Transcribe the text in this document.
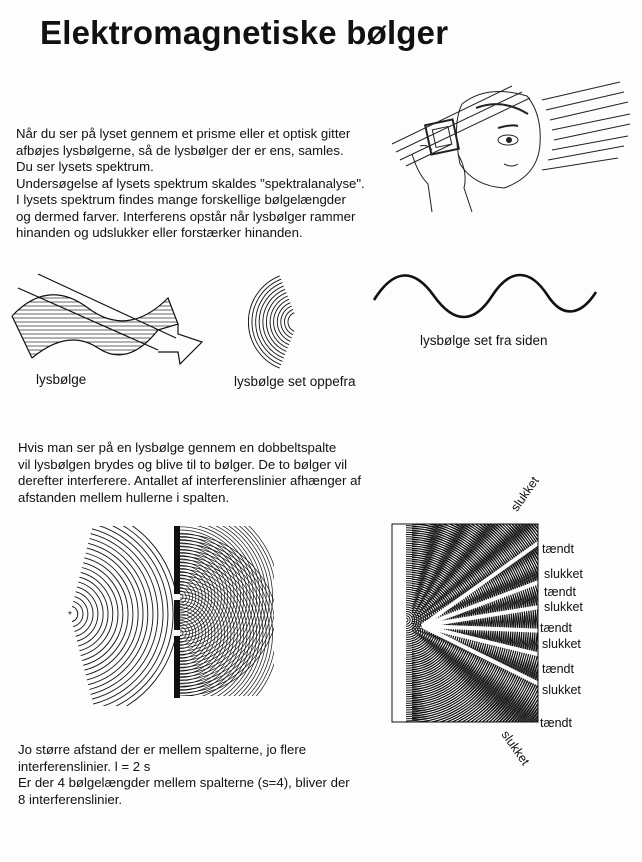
Elektromagnetiske bølger
Når du ser på lyset gennem et prisme eller et optisk gitter
afbøjes lysbølgerne, så de lysbølger der er ens, samles.
Du ser lysets spektrum.
Undersøgelse af lysets spektrum skaldes "spektralanalyse".
I lysets spektrum findes mange forskellige bølgelængder
og dermed farver. Interferens opstår når lysbølger rammer
hinanden og udslukker eller forstærker hinanden.
lysbølge	lysbølge set oppefra
lysbølge set fra siden
Hvis man ser på en lysbølge gennem en dobbeltspalte
vil lysbølgen brydes og blive til to bølger. De to bølger vil
derefter interferere. Antallet af interferenslinier afhænger af
afstanden mellem hullerne i spalten.
*
slukket
tændt
slukket
tændt
slukket
tændt
slukket
tændt
slukket
tændt
slukket
Jo større afstand der er mellem spalterne, jo flere
interferenslinier. l = 2 s
Er der 4 bølgelængder mellem spalterne (s=4), bliver der
8 interferenslinier.
